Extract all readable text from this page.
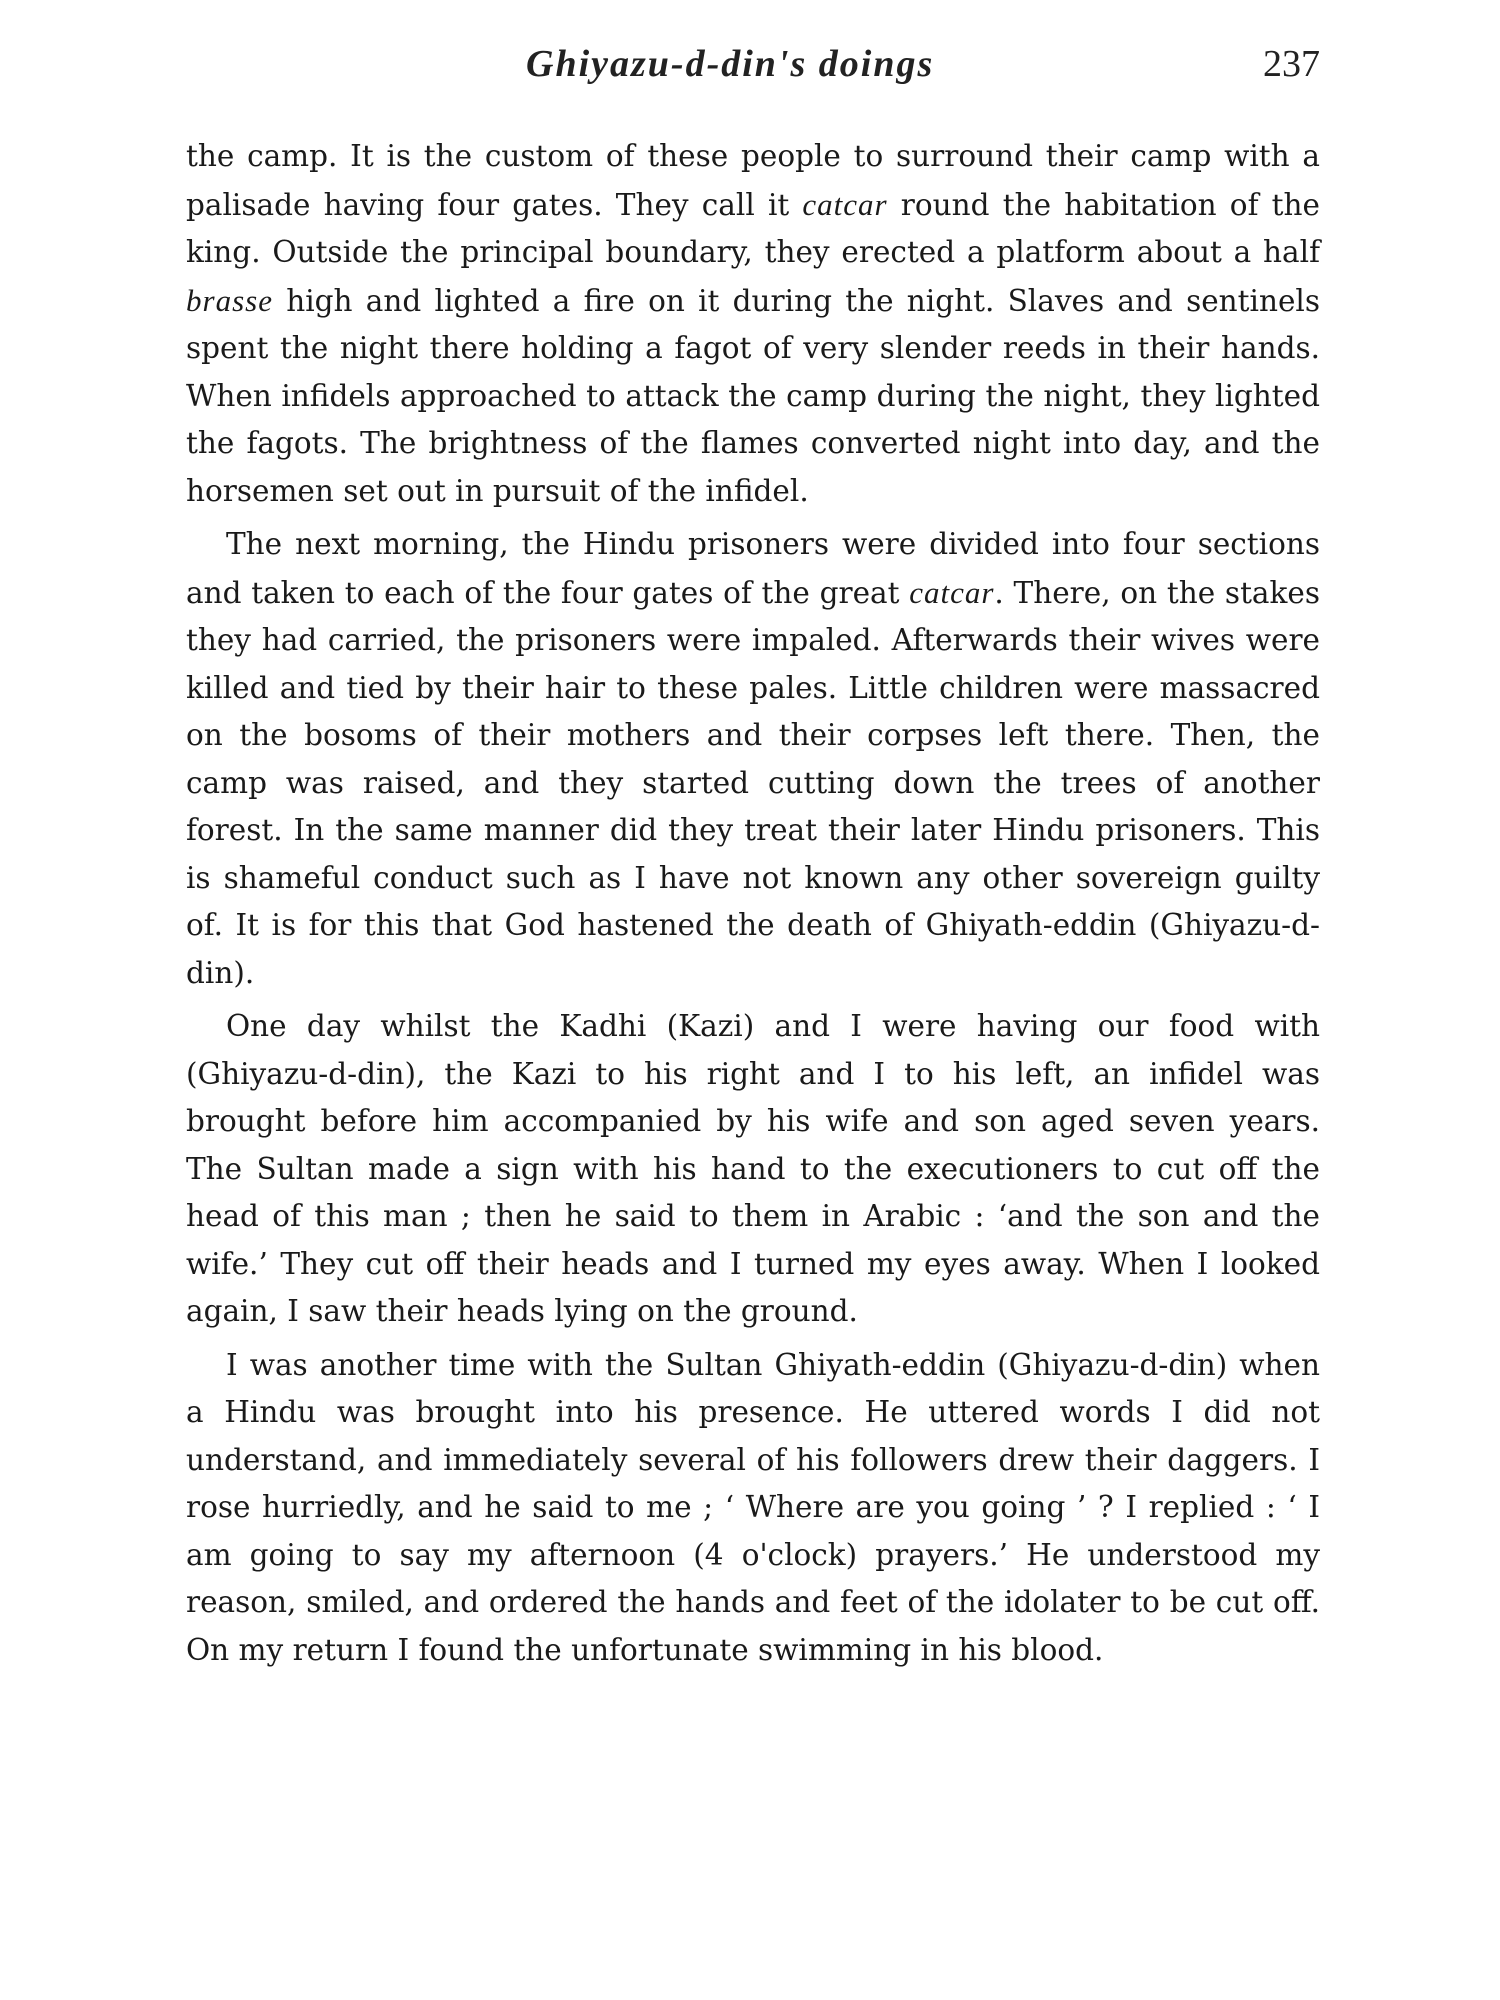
Ghiyazu-d-din's doings	237

the camp. It is the custom of these people to surround their camp with a palisade having four gates. They call it catcar round the habitation of the king. Outside the principal boundary, they erected a platform about a half brasse high and lighted a fire on it during the night. Slaves and sentinels spent the night there holding a fagot of very slender reeds in their hands. When infidels approached to attack the camp during the night, they lighted the fagots. The brightness of the flames converted night into day, and the horsemen set out in pursuit of the infidel.

The next morning, the Hindu prisoners were divided into four sections and taken to each of the four gates of the great catcar. There, on the stakes they had carried, the prisoners were impaled. Afterwards their wives were killed and tied by their hair to these pales. Little children were massacred on the bosoms of their mothers and their corpses left there. Then, the camp was raised, and they started cutting down the trees of another forest. In the same manner did they treat their later Hindu prisoners. This is shameful conduct such as I have not known any other sovereign guilty of. It is for this that God hastened the death of Ghiyath-eddin (Ghiyazu-d-din).

One day whilst the Kadhi (Kazi) and I were having our food with (Ghiyazu-d-din), the Kazi to his right and I to his left, an infidel was brought before him accompanied by his wife and son aged seven years. The Sultan made a sign with his hand to the executioners to cut off the head of this man ; then he said to them in Arabic : ‘and the son and the wife.’ They cut off their heads and I turned my eyes away. When I looked again, I saw their heads lying on the ground.

I was another time with the Sultan Ghiyath-eddin (Ghiyazu-d-din) when a Hindu was brought into his presence. He uttered words I did not understand, and immediately several of his followers drew their daggers. I rose hurriedly, and he said to me ; ‘ Where are you going ’ ? I replied : ‘ I am going to say my afternoon (4 o'clock) prayers.’ He understood my reason, smiled, and ordered the hands and feet of the idolater to be cut off. On my return I found the unfortunate swimming in his blood.
